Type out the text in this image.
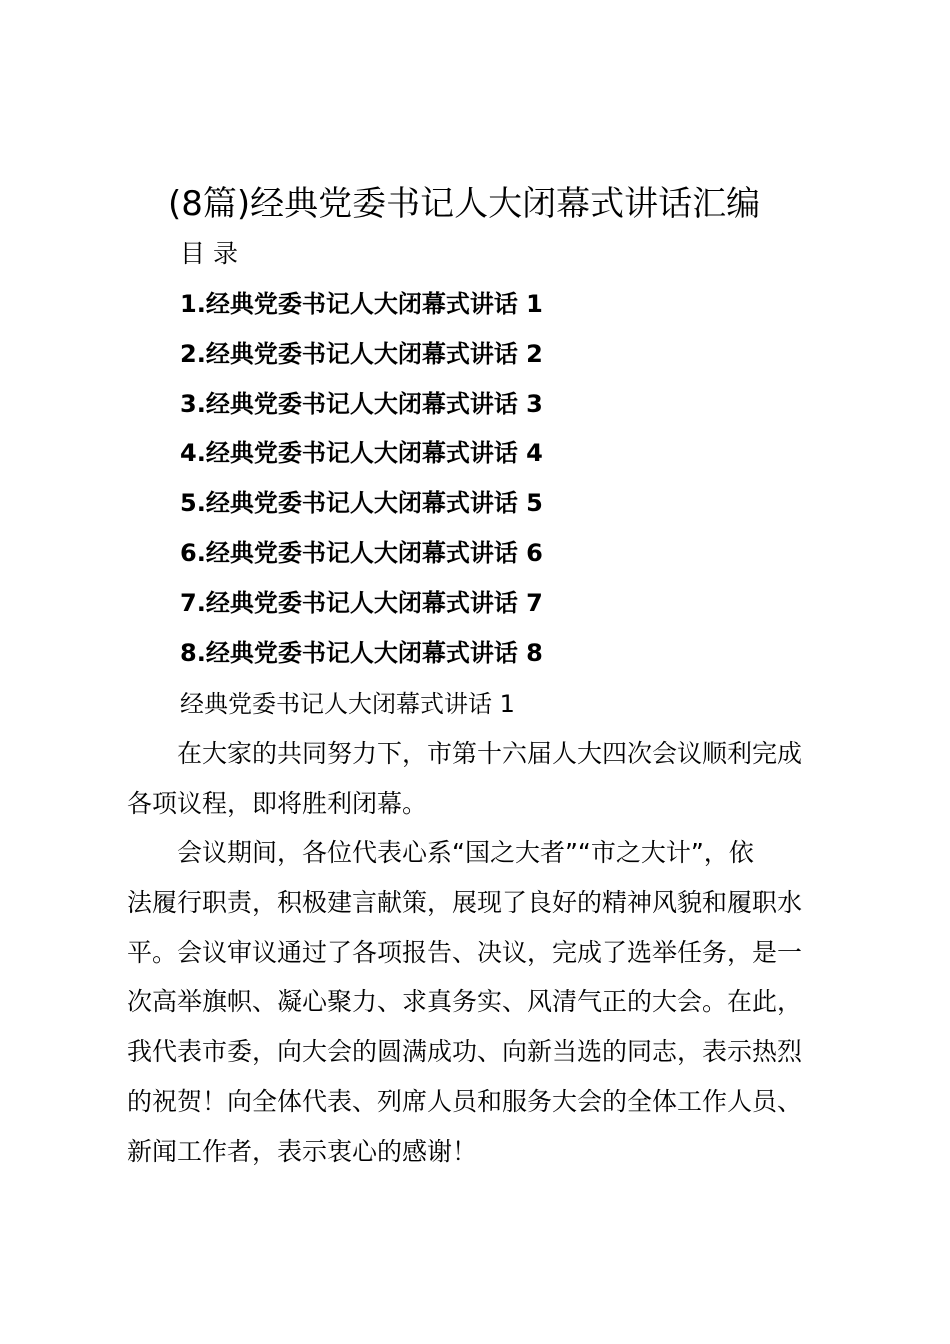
(8篇)经典党委书记人大闭幕式讲话汇编
目 录
1.经典党委书记人大闭幕式讲话 1
2.经典党委书记人大闭幕式讲话 2
3.经典党委书记人大闭幕式讲话 3
4.经典党委书记人大闭幕式讲话 4
5.经典党委书记人大闭幕式讲话 5
6.经典党委书记人大闭幕式讲话 6
7.经典党委书记人大闭幕式讲话 7
8.经典党委书记人大闭幕式讲话 8
经典党委书记人大闭幕式讲话 1
　　在大家的共同努力下，市第十六届人大四次会议顺利完成
各项议程，即将胜利闭幕。
　　会议期间，各位代表心系“国之大者”“市之大计”，依
法履行职责，积极建言献策，展现了良好的精神风貌和履职水
平。会议审议通过了各项报告、决议，完成了选举任务，是一
次高举旗帜、凝心聚力、求真务实、风清气正的大会。在此，
我代表市委，向大会的圆满成功、向新当选的同志，表示热烈
的祝贺！向全体代表、列席人员和服务大会的全体工作人员、
新闻工作者，表示衷心的感谢！
